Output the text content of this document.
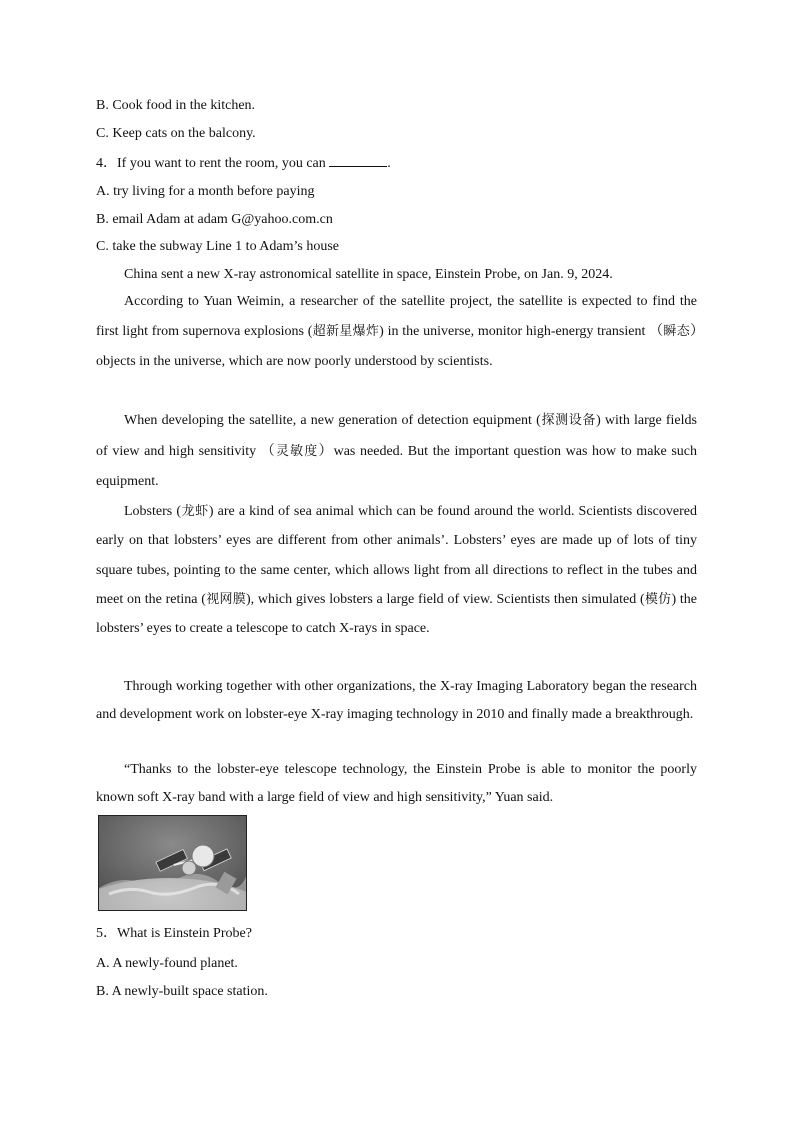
B. Cook food in the kitchen.
C. Keep cats on the balcony.
4．If you want to rent the room, you can	.
A. try living for a month before paying
B. email Adam at adam G@yahoo.com.cn
C. take the subway Line 1 to Adam’s house
China sent a new X-ray astronomical satellite in space, Einstein Probe, on Jan. 9, 2024.
According to Yuan Weimin, a researcher of the satellite project, the satellite is expected to find the first light from supernova explosions (超新星爆炸) in the universe, monitor high-energy transient （瞬态）objects in the universe, which are now poorly understood by scientists.
When developing the satellite, a new generation of detection equipment (探测设备) with large fields of view and high sensitivity （灵敏度）was needed. But the important question was how to make such equipment.
Lobsters (龙虾) are a kind of sea animal which can be found around the world. Scientists discovered early on that lobsters’ eyes are different from other animals’. Lobsters’ eyes are made up of lots of tiny square tubes, pointing to the same center, which allows light from all directions to reflect in the tubes and meet on the retina (视网膜), which gives lobsters a large field of view. Scientists then simulated (模仿) the lobsters’ eyes to create a telescope to catch X-rays in space.
Through working together with other organizations, the X-ray Imaging Laboratory began the research and development work on lobster-eye X-ray imaging technology in 2010 and finally made a breakthrough.
“Thanks to the lobster-eye telescope technology, the Einstein Probe is able to monitor the poorly known soft X-ray band with a large field of view and high sensitivity,” Yuan said.
5．What is Einstein Probe?
A. A newly-found planet.
B. A newly-built space station.
